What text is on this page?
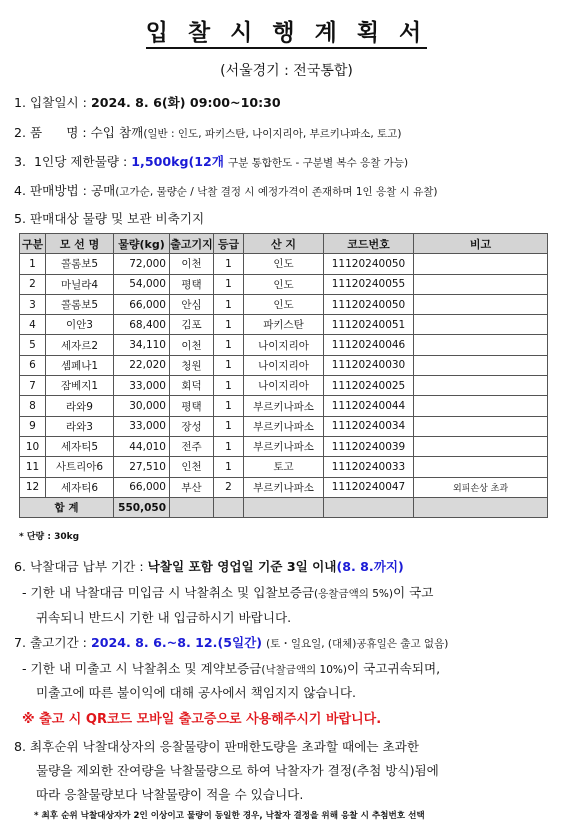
입 찰 시 행 계 획 서
(서울경기 : 전국통합)
1. 입찰일시 : 2024. 8. 6(화) 09:00~10:30
2. 품      명 : 수입 참깨(일반 : 인도, 파키스탄, 나이지리아, 부르키나파소, 토고)
3.  1인당 제한물량 : 1,500kg(12개 구분 통합한도 - 구분별 복수 응찰 가능)
4. 판매방법 : 공매(고가순, 물량순 / 낙찰 결정 시 예정가격이 존재하며 1인 응찰 시 유찰)
5. 판매대상 물량 및 보관 비축기지
구분	모 선 명	물량(kg)	출고기지	등급	산 지	코드번호	비고
1	콜롬보5	72,000	이천	1	인도	11120240050	
2	마닐라4	54,000	평택	1	인도	11120240055	
3	콜롬보5	66,000	안심	1	인도	11120240050	
4	이안3	68,400	김포	1	파키스탄	11120240051	
5	세자르2	34,110	이천	1	나이지리아	11120240046	
6	셈페나1	22,020	청원	1	나이지리아	11120240030	
7	잠베지1	33,000	회덕	1	나이지리아	11120240025	
8	라와9	30,000	평택	1	부르키나파소	11120240044	
9	라와3	33,000	장성	1	부르키나파소	11120240034	
10	세자티5	44,010	전주	1	부르키나파소	11120240039	
11	사트리아6	27,510	인천	1	토고	11120240033	
12	세자티6	66,000	부산	2	부르키나파소	11120240047	외피손상 초과
합 계		550,050					
* 단량 : 30kg
6. 낙찰대금 납부 기간 : 낙찰일 포함 영업일 기준 3일 이내(8. 8.까지)
- 기한 내 낙찰대금 미입금 시 낙찰취소 및 입찰보증금(응찰금액의 5%)이 국고
귀속되니 반드시 기한 내 입금하시기 바랍니다.
7. 출고기간 : 2024. 8. 6.~8. 12.(5일간) (토・일요일, (대체)공휴일은 출고 없음)
- 기한 내 미출고 시 낙찰취소 및 계약보증금(낙찰금액의 10%)이 국고귀속되며,
미출고에 따른 불이익에 대해 공사에서 책임지지 않습니다.
※ 출고 시 QR코드 모바일 출고증으로 사용해주시기 바랍니다.
8. 최후순위 낙찰대상자의 응찰물량이 판매한도량을 초과할 때에는 초과한
물량을 제외한 잔여량을 낙찰물량으로 하여 낙찰자가 결정(추첨 방식)됨에
따라 응찰물량보다 낙찰물량이 적을 수 있습니다.
* 최후 순위 낙찰대상자가 2인 이상이고 물량이 동일한 경우, 낙찰자 결정을 위해 응찰 시 추첨번호 선택
